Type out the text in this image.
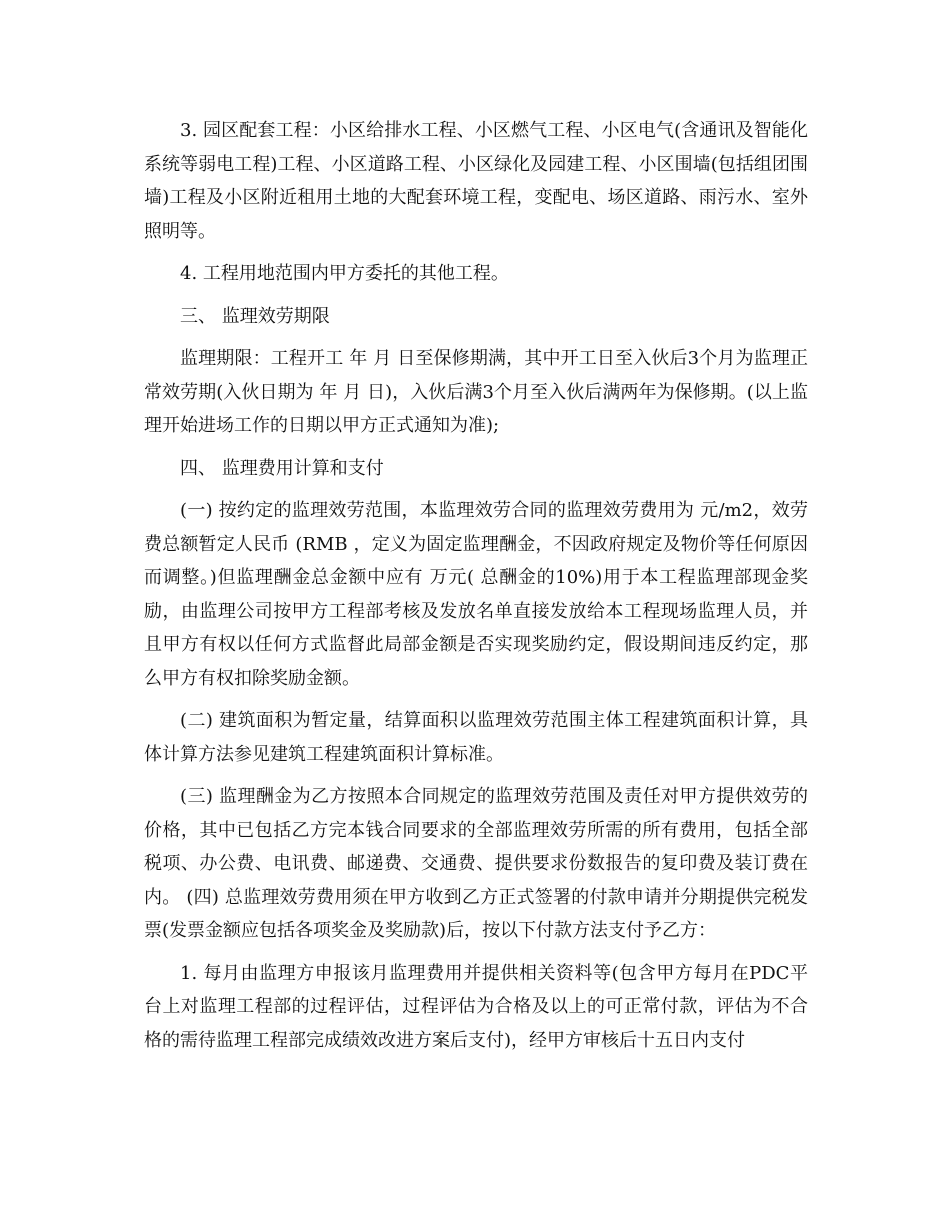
3. 园区配套工程：小区给排水工程、小区燃气工程、小区电气(含通讯及智能化系统等弱电工程)工程、小区道路工程、小区绿化及园建工程、小区围墙(包括组团围墙)工程及小区附近租用土地的大配套环境工程，变配电、场区道路、雨污水、室外照明等。

4. 工程用地范围内甲方委托的其他工程。

三、 监理效劳期限

监理期限：工程开工 年 月 日至保修期满，其中开工日至入伙后3个月为监理正常效劳期(入伙日期为 年 月 日)，入伙后满3个月至入伙后满两年为保修期。(以上监理开始进场工作的日期以甲方正式通知为准);

四、 监理费用计算和支付

(一) 按约定的监理效劳范围，本监理效劳合同的监理效劳费用为 元/m2，效劳费总额暂定人民币 (RMB ，定义为固定监理酬金，不因政府规定及物价等任何原因而调整。)但监理酬金总金额中应有 万元( 总酬金的10%)用于本工程监理部现金奖励，由监理公司按甲方工程部考核及发放名单直接发放给本工程现场监理人员，并且甲方有权以任何方式监督此局部金额是否实现奖励约定，假设期间违反约定，那么甲方有权扣除奖励金额。

(二) 建筑面积为暂定量，结算面积以监理效劳范围主体工程建筑面积计算，具体计算方法参见建筑工程建筑面积计算标准。

(三) 监理酬金为乙方按照本合同规定的监理效劳范围及责任对甲方提供效劳的价格，其中已包括乙方完本钱合同要求的全部监理效劳所需的所有费用，包括全部税项、办公费、电讯费、邮递费、交通费、提供要求份数报告的复印费及装订费在内。 (四) 总监理效劳费用须在甲方收到乙方正式签署的付款申请并分期提供完税发票(发票金额应包括各项奖金及奖励款)后，按以下付款方法支付予乙方：

1. 每月由监理方申报该月监理费用并提供相关资料等(包含甲方每月在PDC平台上对监理工程部的过程评估，过程评估为合格及以上的可正常付款，评估为不合格的需待监理工程部完成绩效改进方案后支付)，经甲方审核后十五日内支付
